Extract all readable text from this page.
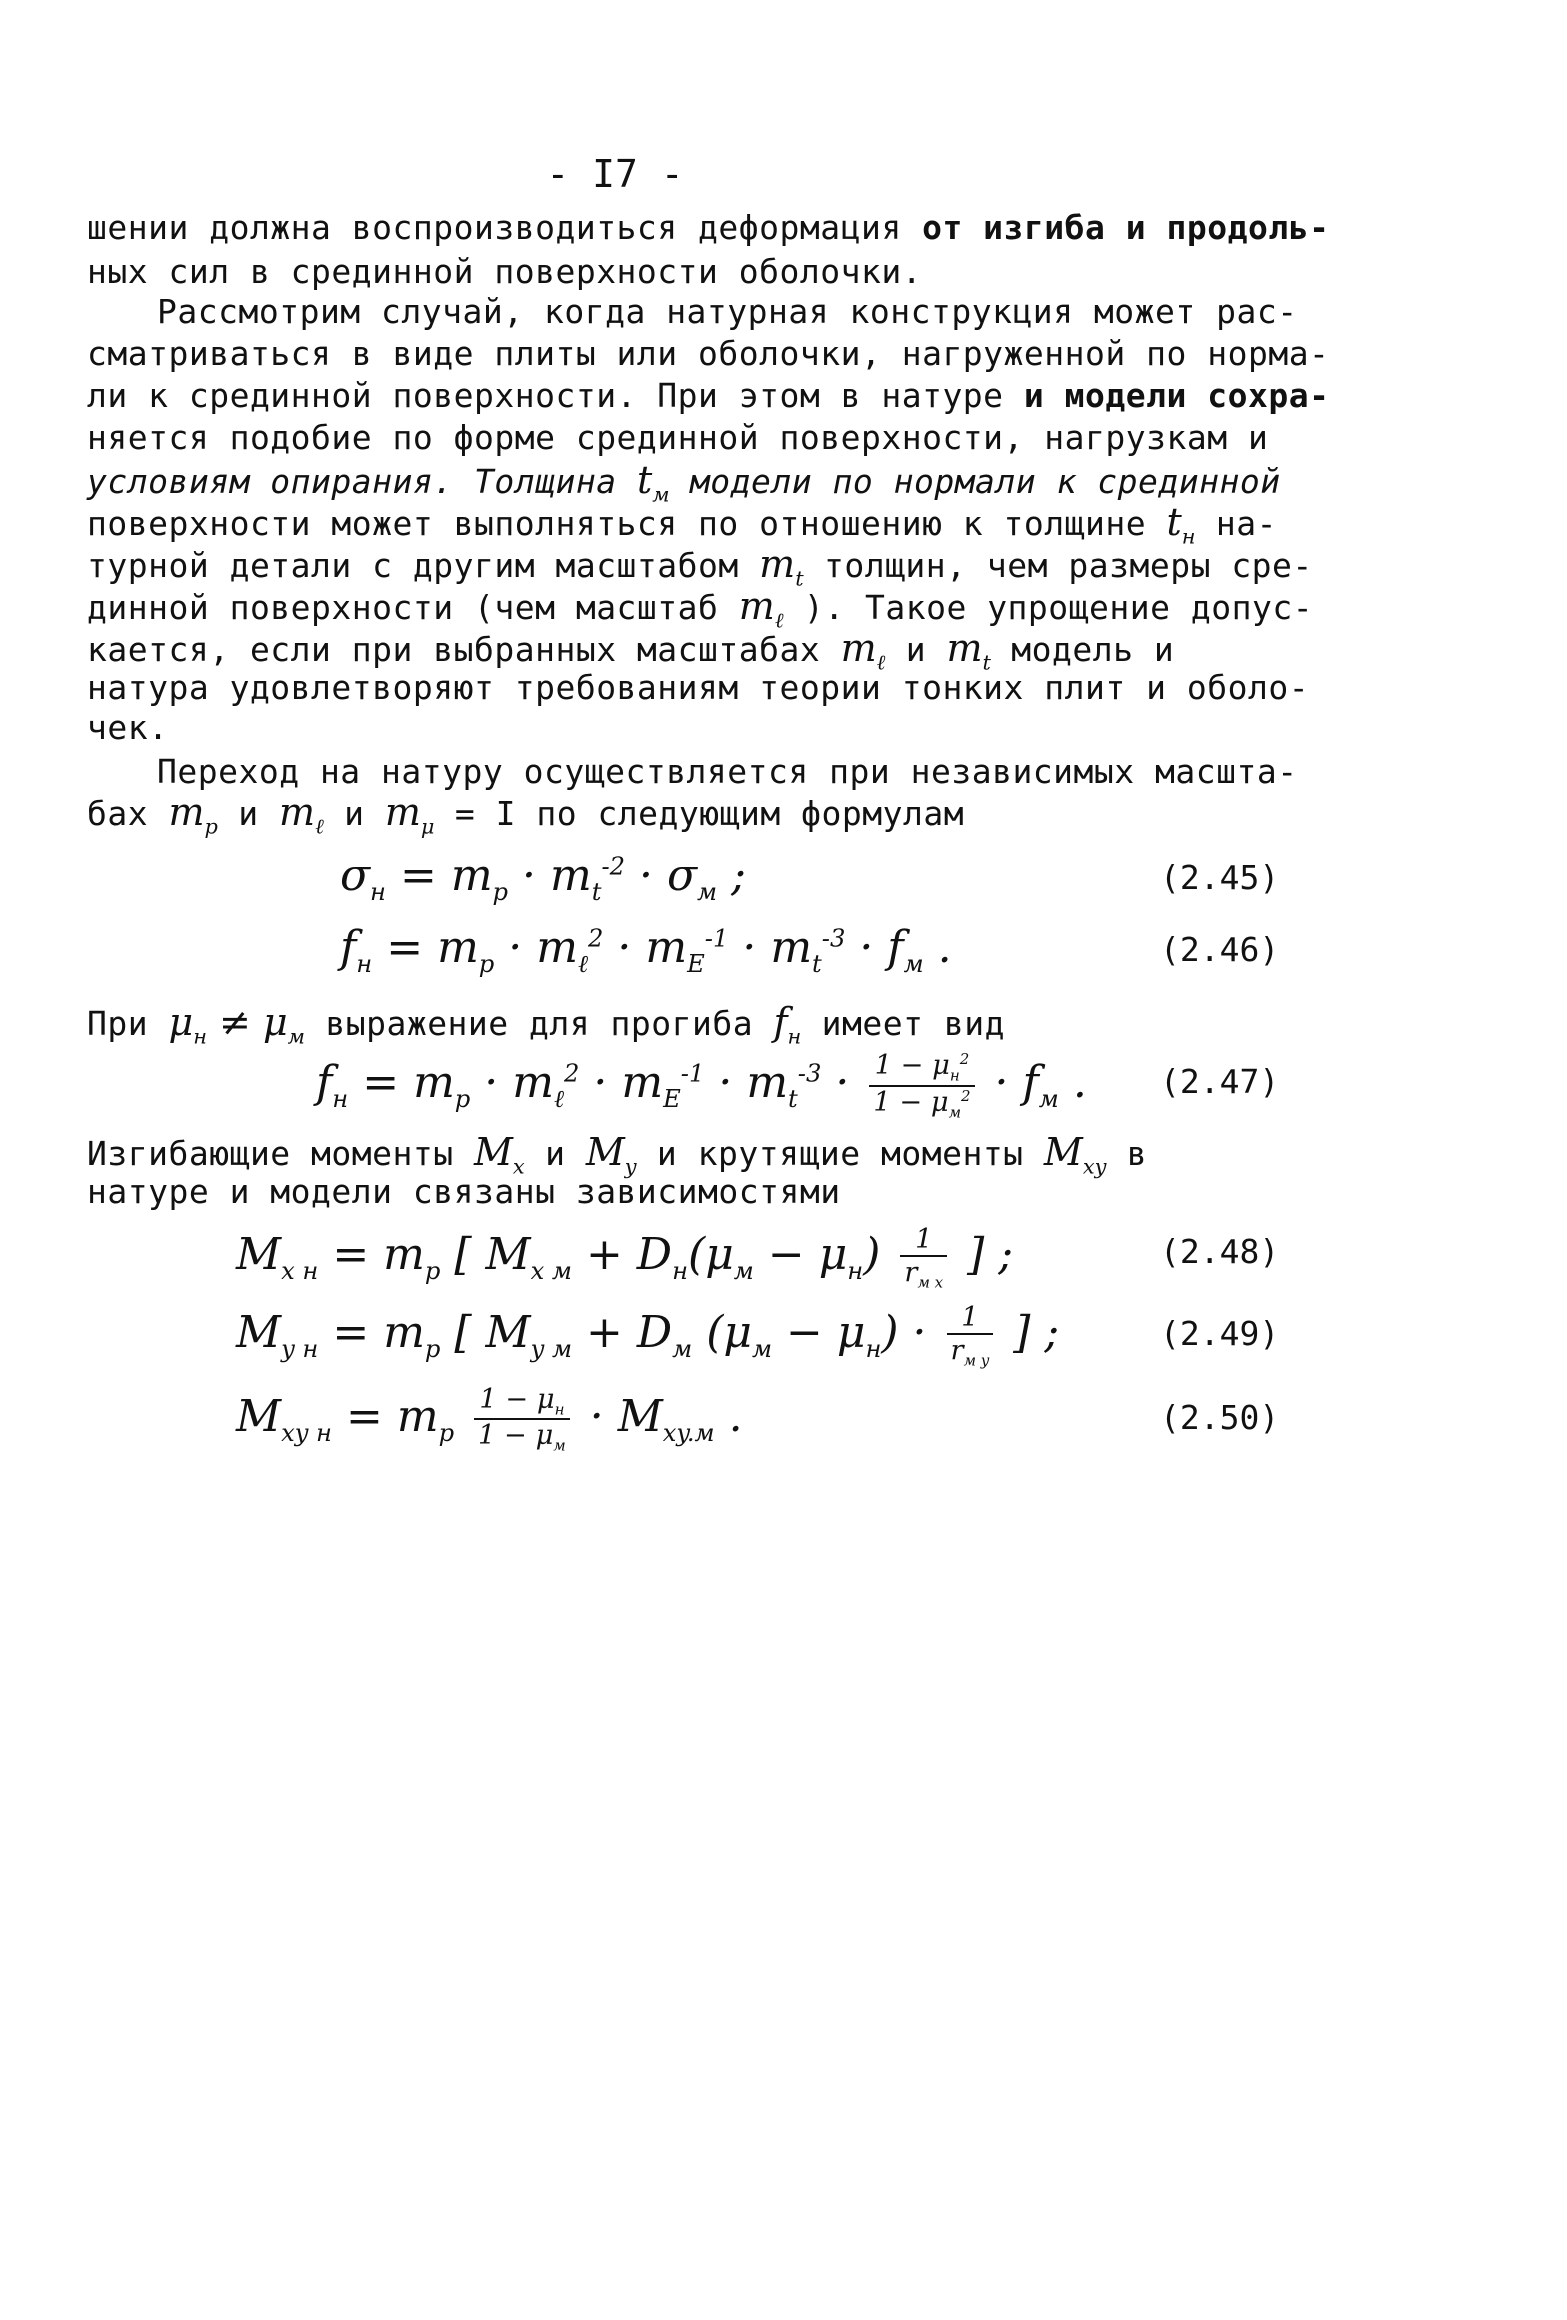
- I7 -
шении должна воспроизводиться деформация от изгиба и продоль-
ных сил в срединной поверхности оболочки.
Рассмотрим случай, когда натурная конструкция может рас-
сматриваться в виде плиты или оболочки, нагруженной по норма-
ли к срединной поверхности. При этом в натуре и модели сохра-
няется подобие по форме срединной поверхности, нагрузкам и
условиям опирания. Толщина $t_м$ модели по нормали к срединной
поверхности может выполняться по отношению к толщине $t_н$ на-
турной детали с другим масштабом $m_t$ толщин, чем размеры сре-
динной поверхности (чем масштаб $m_\ell$ ). Такое упрощение допус-
кается, если при выбранных масштабах $m_\ell$ и $m_t$ модель и
натура удовлетворяют требованиям теории тонких плит и оболо-
чек.
Переход на натуру осуществляется при независимых масшта-
бах $m_p$ и $m_\ell$ и $m_\mu = I$ по следующим формулам
$\sigma_н = m_p \cdot m_t^{-2} \cdot \sigma_м$ ;	(2.45)
$f_н = m_p \cdot m_\ell^2 \cdot m_E^{-1} \cdot m_t^{-3} \cdot f_м$ .	(2.46)
При $\mu_н \ne \mu_м$ выражение для прогиба $f_н$ имеет вид
$f_н = m_p \cdot m_\ell^2 \cdot m_E^{-1} \cdot m_t^{-3} \cdot \frac{1 - \mu_н^2}{1 - \mu_м^2} \cdot f_м$ . (2.47)
Изгибающие моменты $M_x$ и $M_y$ и крутящие моменты $M_{xy}$ в
натуре и модели связаны зависимостями
$M_{x н} = m_p$ [ $M_{x м} + D_н(\mu_м - \mu_н) \frac{1}{r_{м x}}$ ] ;	(2.48)
$M_{y н} = m_p$ [ $M_{y м} + D_м$ $(\mu_м - \mu_н) \cdot \frac{1}{r_{м y}}$ ] ;	(2.49)
$M_{xy н} = m_p \frac{1 - \mu_н}{1 - \mu_м} \cdot M_{xy.м}$ .	(2.50)
